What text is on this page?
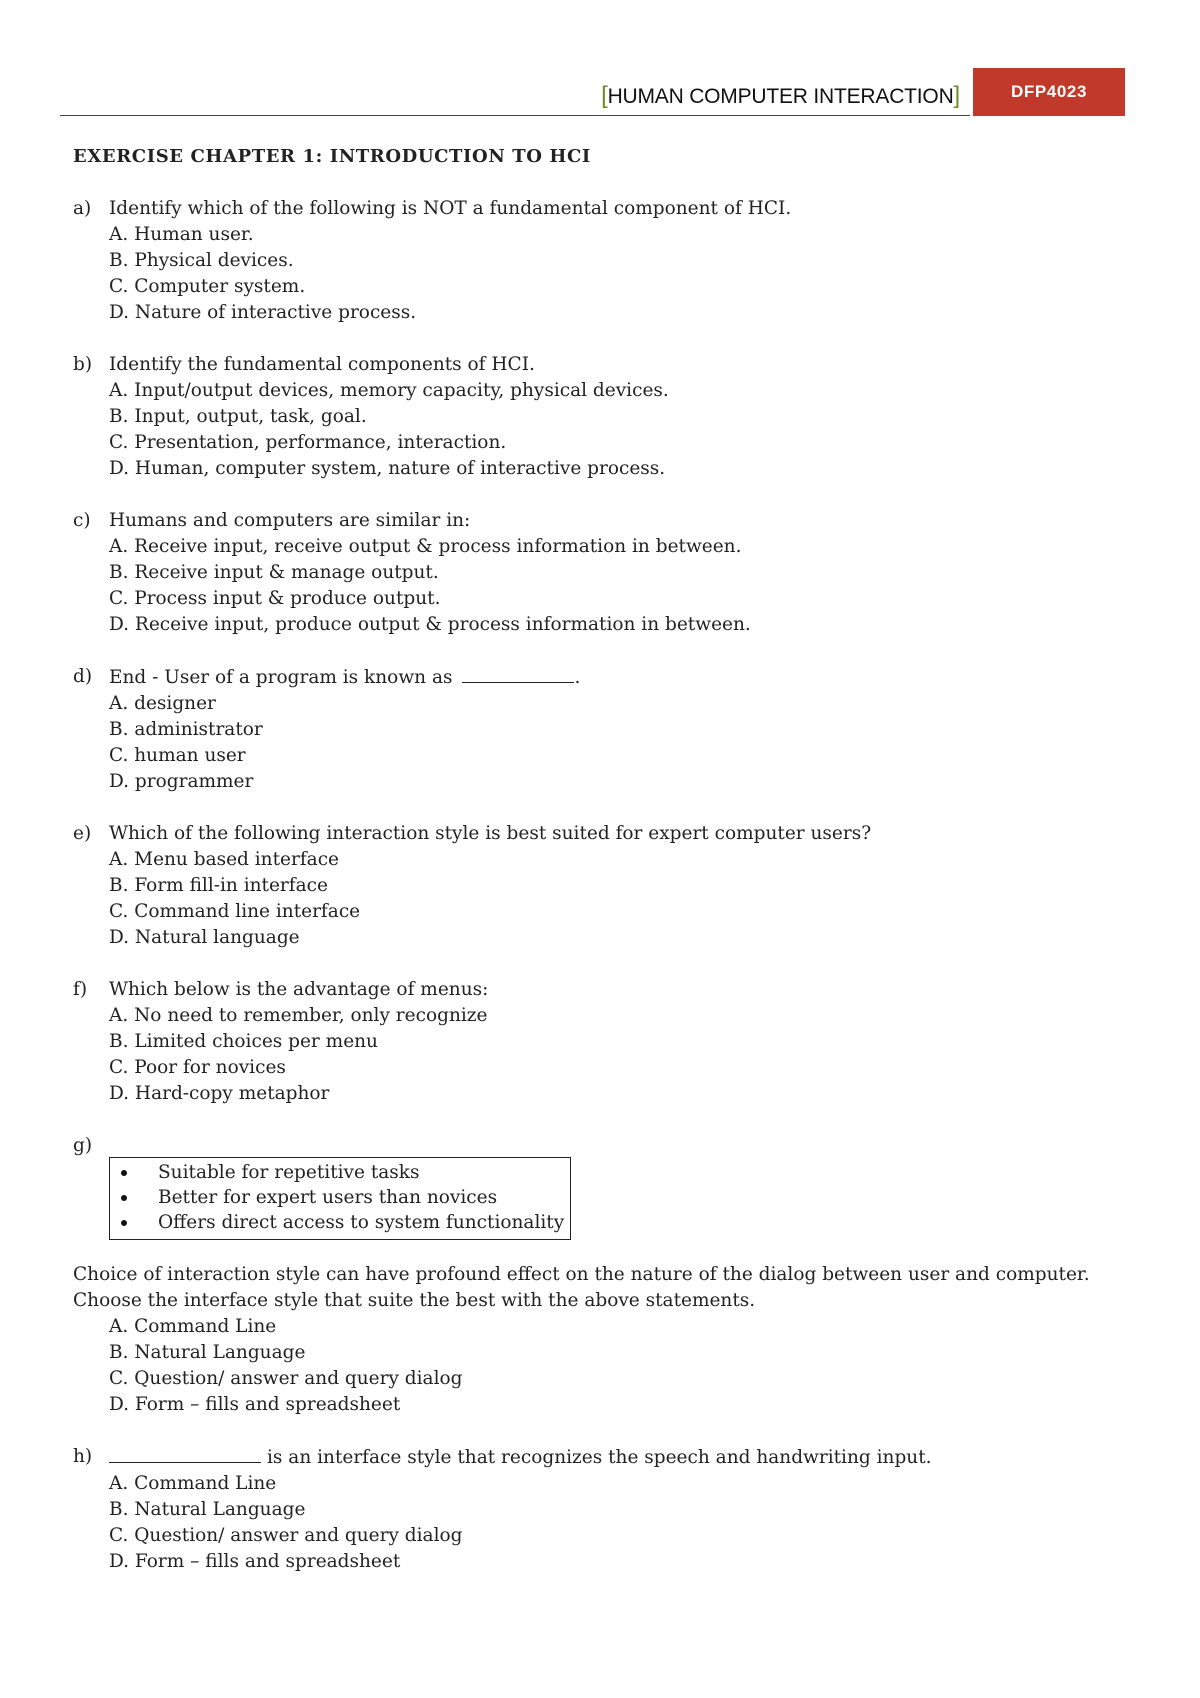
[HUMAN COMPUTER INTERACTION]	DFP4023
EXERCISE CHAPTER 1: INTRODUCTION TO HCI
a) Identify which of the following is NOT a fundamental component of HCI.

A. Human user.

B. Physical devices.

C. Computer system.

D. Nature of interactive process.

b) Identify the fundamental components of HCI.

A. Input/output devices, memory capacity, physical devices.

B. Input, output, task, goal.

C. Presentation, performance, interaction.

D. Human, computer system, nature of interactive process.

c) Humans and computers are similar in:

A. Receive input, receive output & process information in between.

B. Receive input & manage output.

C. Process input & produce output.

D. Receive input, produce output & process information in between.

d) End - User of a program is known as	.

A. designer

B. administrator

C. human user

D. programmer

e) Which of the following interaction style is best suited for expert computer users?

A. Menu based interface

B. Form fill-in interface

C. Command line interface

D. Natural language

f) Which below is the advantage of menus:

A. No need to remember, only recognize

B. Limited choices per menu

C. Poor for novices

D. Hard-copy metaphor

g)
Suitable for repetitive tasks
Better for expert users than novices
Offers direct access to system functionality

Choice of interaction style can have profound effect on the nature of the dialog between user and computer. Choose the interface style that suite the best with the above statements.

A. Command Line

B. Natural Language

C. Question/ answer and query dialog

D. Form – fills and spreadsheet

h)	is an interface style that recognizes the speech and handwriting input.

A. Command Line

B. Natural Language

C. Question/ answer and query dialog

D. Form – fills and spreadsheet
